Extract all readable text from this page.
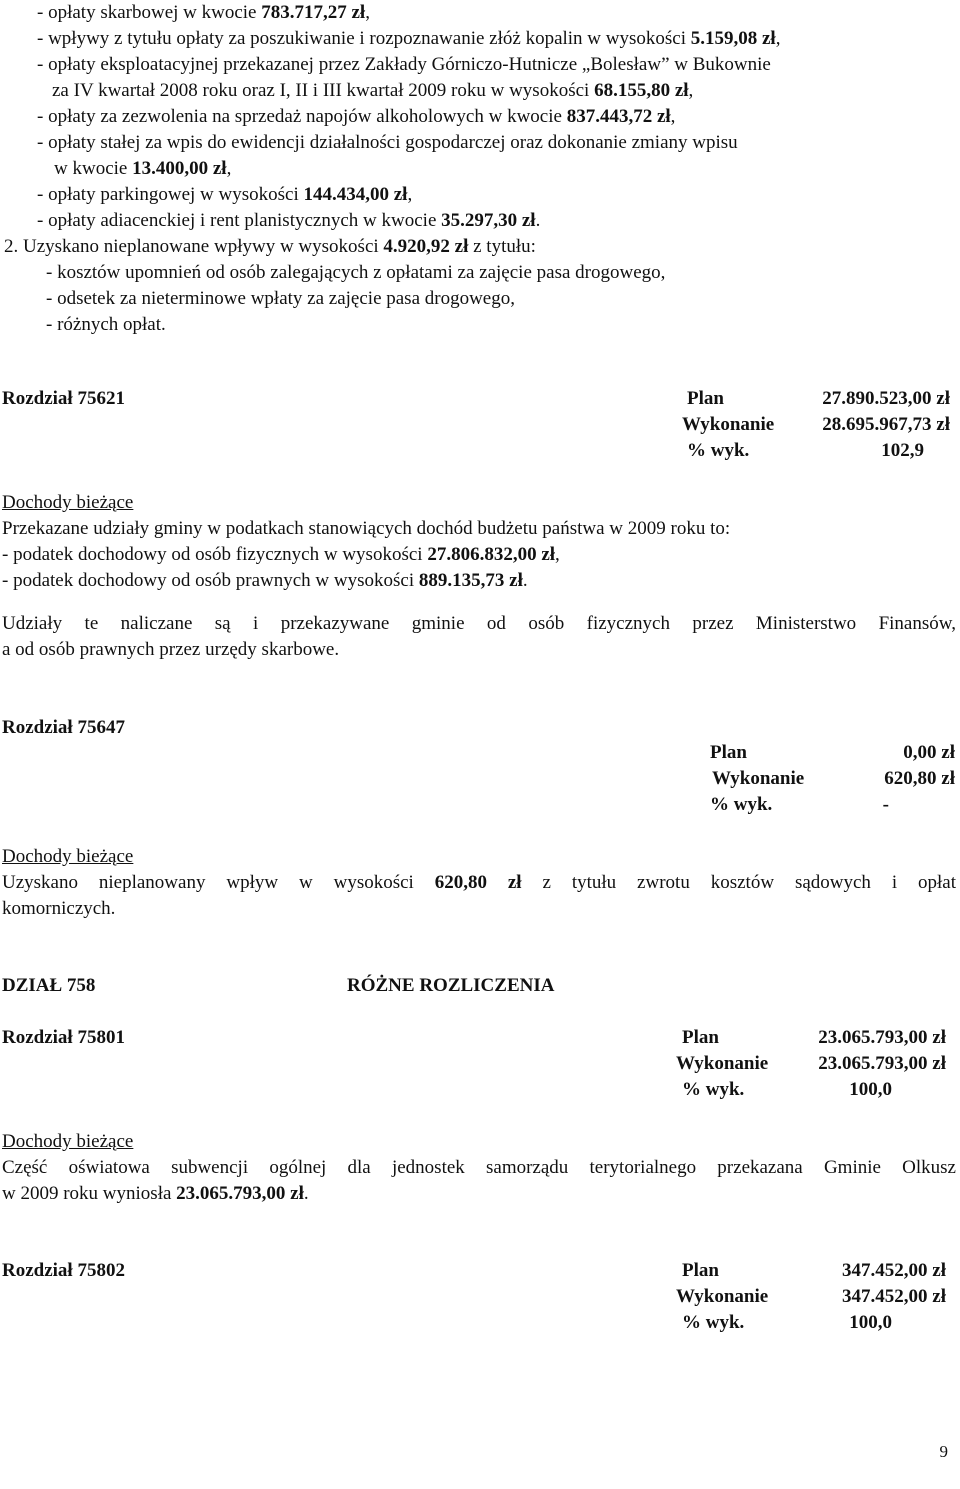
- opłaty skarbowej w kwocie 783.717,27 zł,
- wpływy z tytułu opłaty za poszukiwanie i rozpoznawanie złóż kopalin w wysokości 5.159,08 zł,
- opłaty eksploatacyjnej przekazanej przez Zakłady Górniczo-Hutnicze „Bolesław” w Bukownie
za IV kwartał 2008 roku oraz I, II i III kwartał 2009 roku w wysokości 68.155,80 zł,
- opłaty za zezwolenia na sprzedaż napojów alkoholowych w kwocie 837.443,72 zł,
- opłaty stałej za wpis do ewidencji działalności gospodarczej oraz dokonanie zmiany wpisu
w kwocie 13.400,00 zł,
- opłaty parkingowej w wysokości 144.434,00 zł,
- opłaty adiacenckiej i rent planistycznych w kwocie 35.297,30 zł.
2. Uzyskano nieplanowane wpływy w wysokości 4.920,92 zł z tytułu:
- kosztów upomnień od osób zalegających z opłatami za zajęcie pasa drogowego,
- odsetek za nieterminowe wpłaty za zajęcie pasa drogowego,
- różnych opłat.
Rozdział 75621	Plan	27.890.523,00 zł
Wykonanie	28.695.967,73 zł
% wyk.	102,9
Dochody bieżące
Przekazane udziały gminy w podatkach stanowiących dochód budżetu państwa w 2009 roku to:
- podatek dochodowy od osób fizycznych w wysokości 27.806.832,00 zł,
- podatek dochodowy od osób prawnych w wysokości 889.135,73 zł.
Udziały te naliczane są i przekazywane gminie od osób fizycznych przez Ministerstwo Finansów,
a od osób prawnych przez urzędy skarbowe.
Rozdział 75647
Plan	0,00 zł
Wykonanie	620,80 zł
% wyk.	-
Dochody bieżące
Uzyskano nieplanowany wpływ w wysokości 620,80 zł z tytułu zwrotu kosztów sądowych i opłat
komorniczych.
DZIAŁ 758	RÓŻNE ROZLICZENIA
Rozdział 75801	Plan	23.065.793,00 zł
Wykonanie	23.065.793,00 zł
% wyk.	100,0
Dochody bieżące
Część oświatowa subwencji ogólnej dla jednostek samorządu terytorialnego przekazana Gminie Olkusz
w 2009 roku wyniosła 23.065.793,00 zł.
Rozdział 75802	Plan	347.452,00 zł
Wykonanie	347.452,00 zł
% wyk.	100,0
9
